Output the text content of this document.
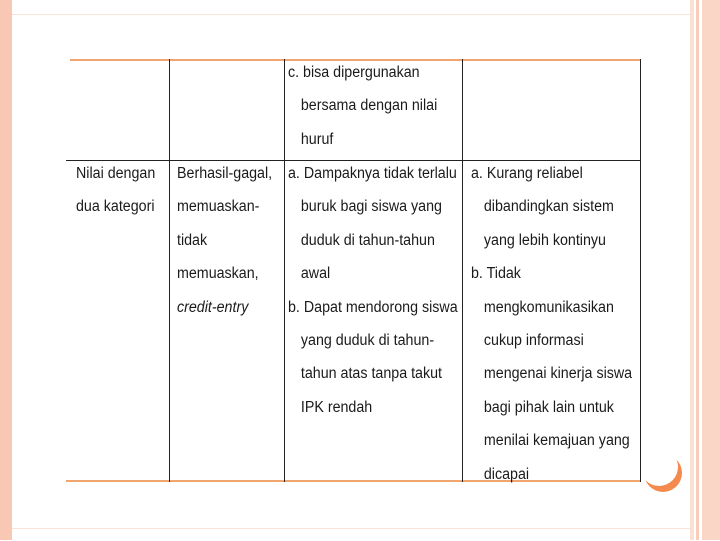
c. bisa dipergunakan
bersama dengan nilai
huruf
Nilai dengan
dua kategori
Berhasil-gagal,
memuaskan-
tidak
memuaskan,
credit-entry
a. Dampaknya tidak terlalu
buruk bagi siswa yang
duduk di tahun-tahun
awal
b. Dapat mendorong siswa
yang duduk di tahun-
tahun atas tanpa takut
IPK rendah
a. Kurang reliabel
dibandingkan sistem
yang lebih kontinyu
b. Tidak
mengkomunikasikan
cukup informasi
mengenai kinerja siswa
bagi pihak lain untuk
menilai kemajuan yang
dicapai
